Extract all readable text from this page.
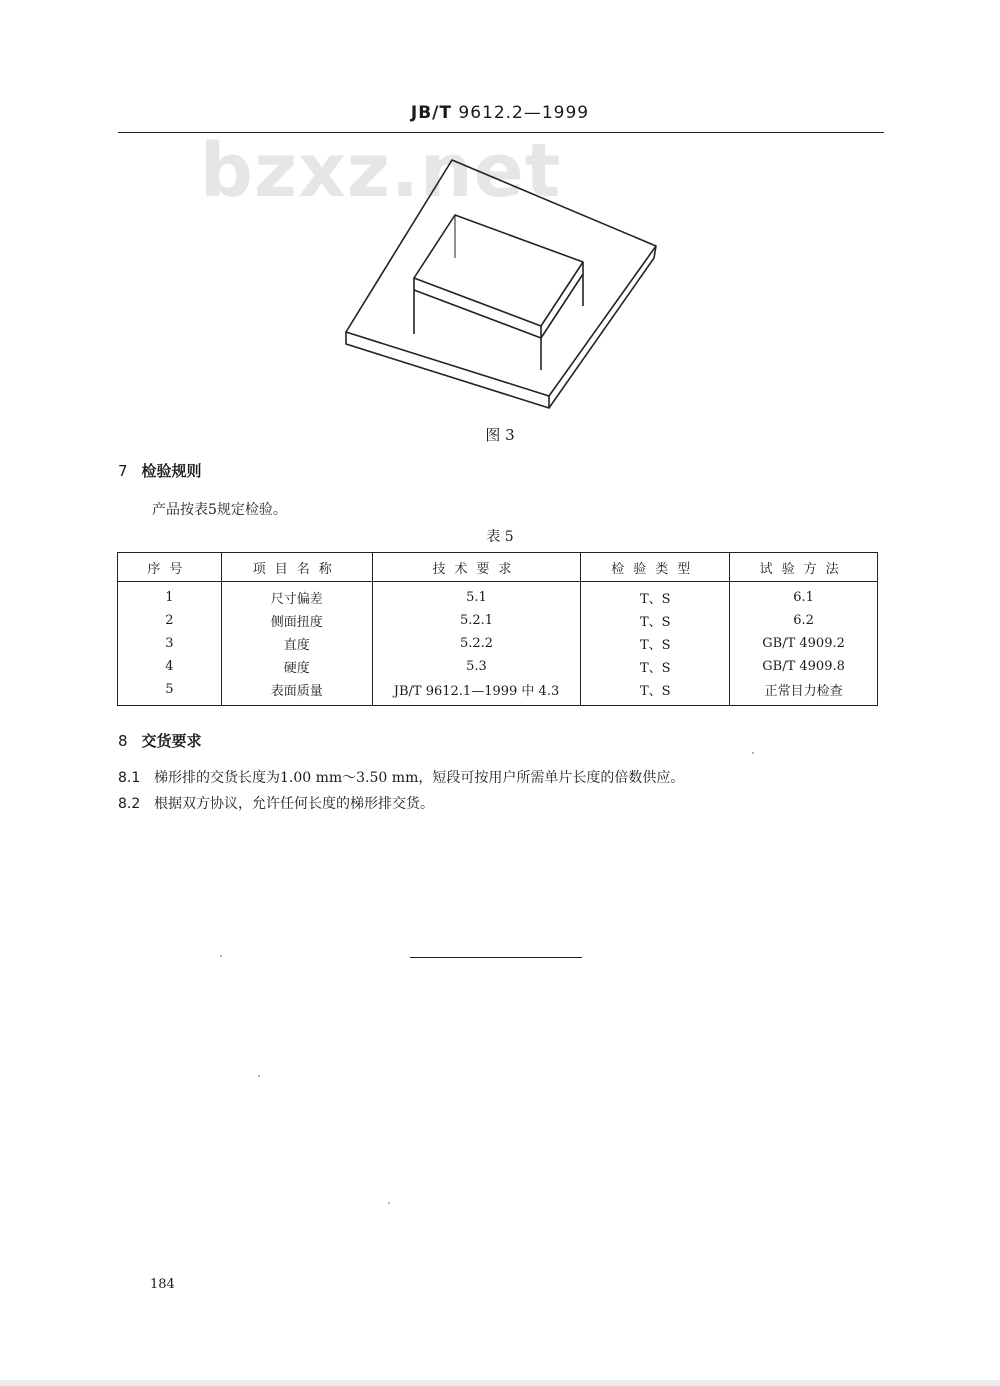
JB/T 9612.2—1999
bzxz.net
图 3
7 检验规则
产品按表5规定检验。
表 5
序号	项目名称	技术要求	检验类型	试验方法
1	尺寸偏差	5.1	T、S	6.1
2	侧面扭度	5.2.1	T、S	6.2
3	直度	5.2.2	T、S	GB/T 4909.2
4	硬度	5.3	T、S	GB/T 4909.8
5	表面质量	JB/T 9612.1—1999 中 4.3	T、S	正常目力检查
8 交货要求
8.1 梯形排的交货长度为1.00 mm～3.50 mm，短段可按用户所需单片长度的倍数供应。
8.2 根据双方协议，允许任何长度的梯形排交货。
184
